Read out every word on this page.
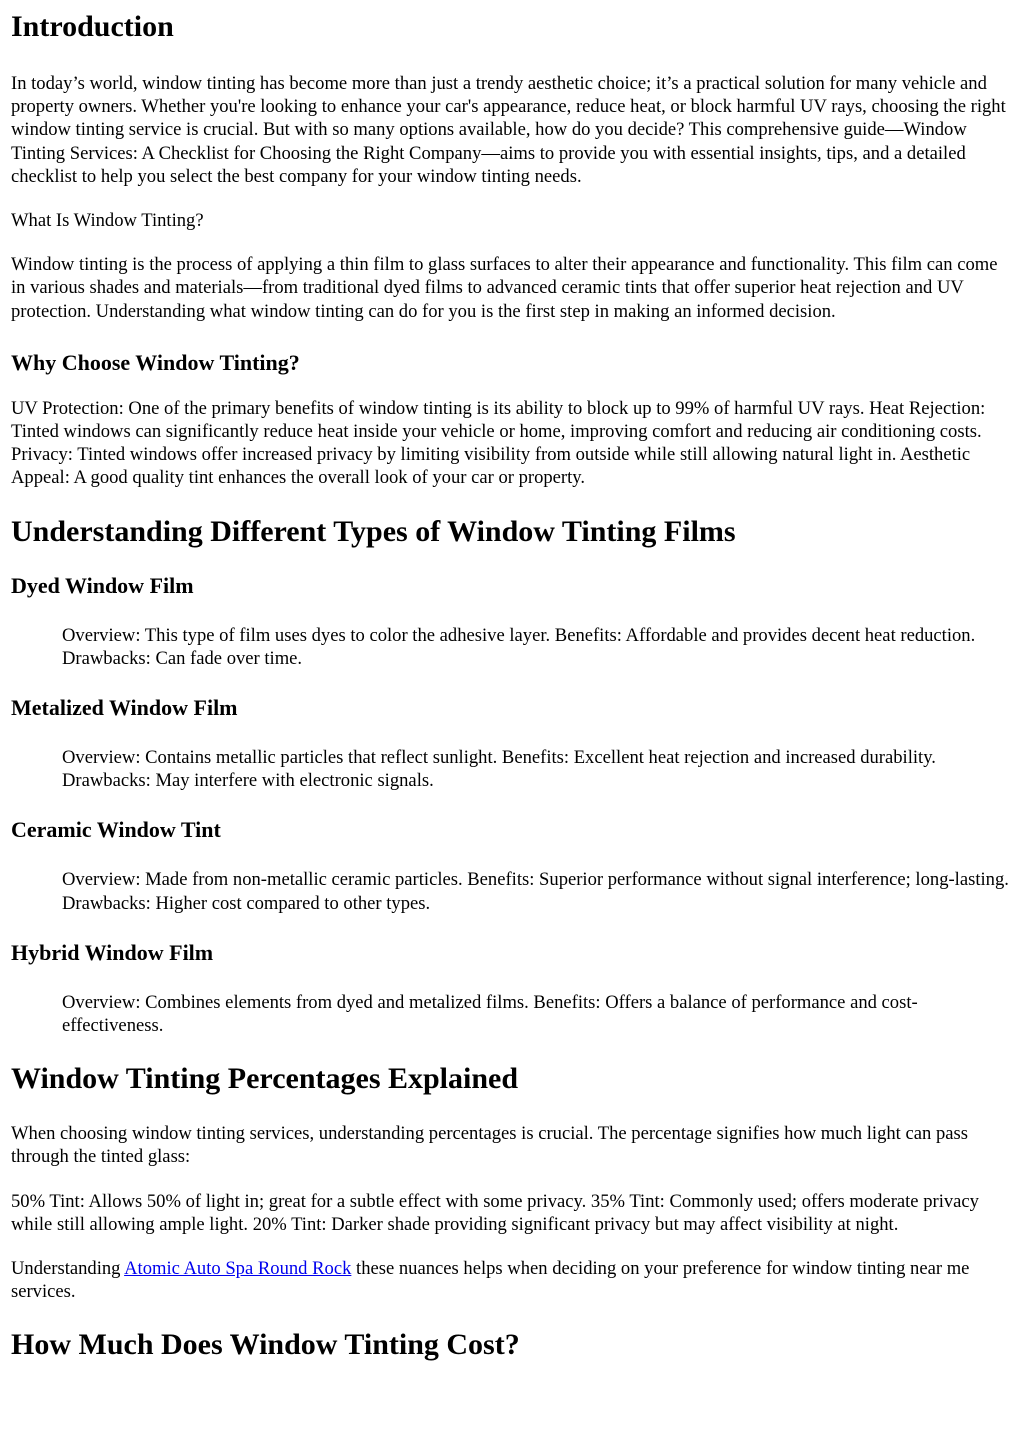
Introduction

In today’s world, window tinting has become more than just a trendy aesthetic choice; it’s a practical solution for many vehicle and property owners. Whether you're looking to enhance your car's appearance, reduce heat, or block harmful UV rays, choosing the right window tinting service is crucial. But with so many options available, how do you decide? This comprehensive guide—Window Tinting Services: A Checklist for Choosing the Right Company—aims to provide you with essential insights, tips, and a detailed checklist to help you select the best company for your window tinting needs.

What Is Window Tinting?

Window tinting is the process of applying a thin film to glass surfaces to alter their appearance and functionality. This film can come in various shades and materials—from traditional dyed films to advanced ceramic tints that offer superior heat rejection and UV protection. Understanding what window tinting can do for you is the first step in making an informed decision.

Why Choose Window Tinting?

UV Protection: One of the primary benefits of window tinting is its ability to block up to 99% of harmful UV rays. Heat Rejection: Tinted windows can significantly reduce heat inside your vehicle or home, improving comfort and reducing air conditioning costs. Privacy: Tinted windows offer increased privacy by limiting visibility from outside while still allowing natural light in. Aesthetic Appeal: A good quality tint enhances the overall look of your car or property.

Understanding Different Types of Window Tinting Films
Dyed Window Film

Overview: This type of film uses dyes to color the adhesive layer. Benefits: Affordable and provides decent heat reduction. Drawbacks: Can fade over time.

Metalized Window Film

Overview: Contains metallic particles that reflect sunlight. Benefits: Excellent heat rejection and increased durability. Drawbacks: May interfere with electronic signals.

Ceramic Window Tint

Overview: Made from non-metallic ceramic particles. Benefits: Superior performance without signal interference; long-lasting. Drawbacks: Higher cost compared to other types.

Hybrid Window Film

Overview: Combines elements from dyed and metalized films. Benefits: Offers a balance of performance and cost-effectiveness.

Window Tinting Percentages Explained

When choosing window tinting services, understanding percentages is crucial. The percentage signifies how much light can pass through the tinted glass:

50% Tint: Allows 50% of light in; great for a subtle effect with some privacy. 35% Tint: Commonly used; offers moderate privacy while still allowing ample light. 20% Tint: Darker shade providing significant privacy but may affect visibility at night.

Understanding Atomic Auto Spa Round Rock these nuances helps when deciding on your preference for window tinting near me services.

How Much Does Window Tinting Cost?
